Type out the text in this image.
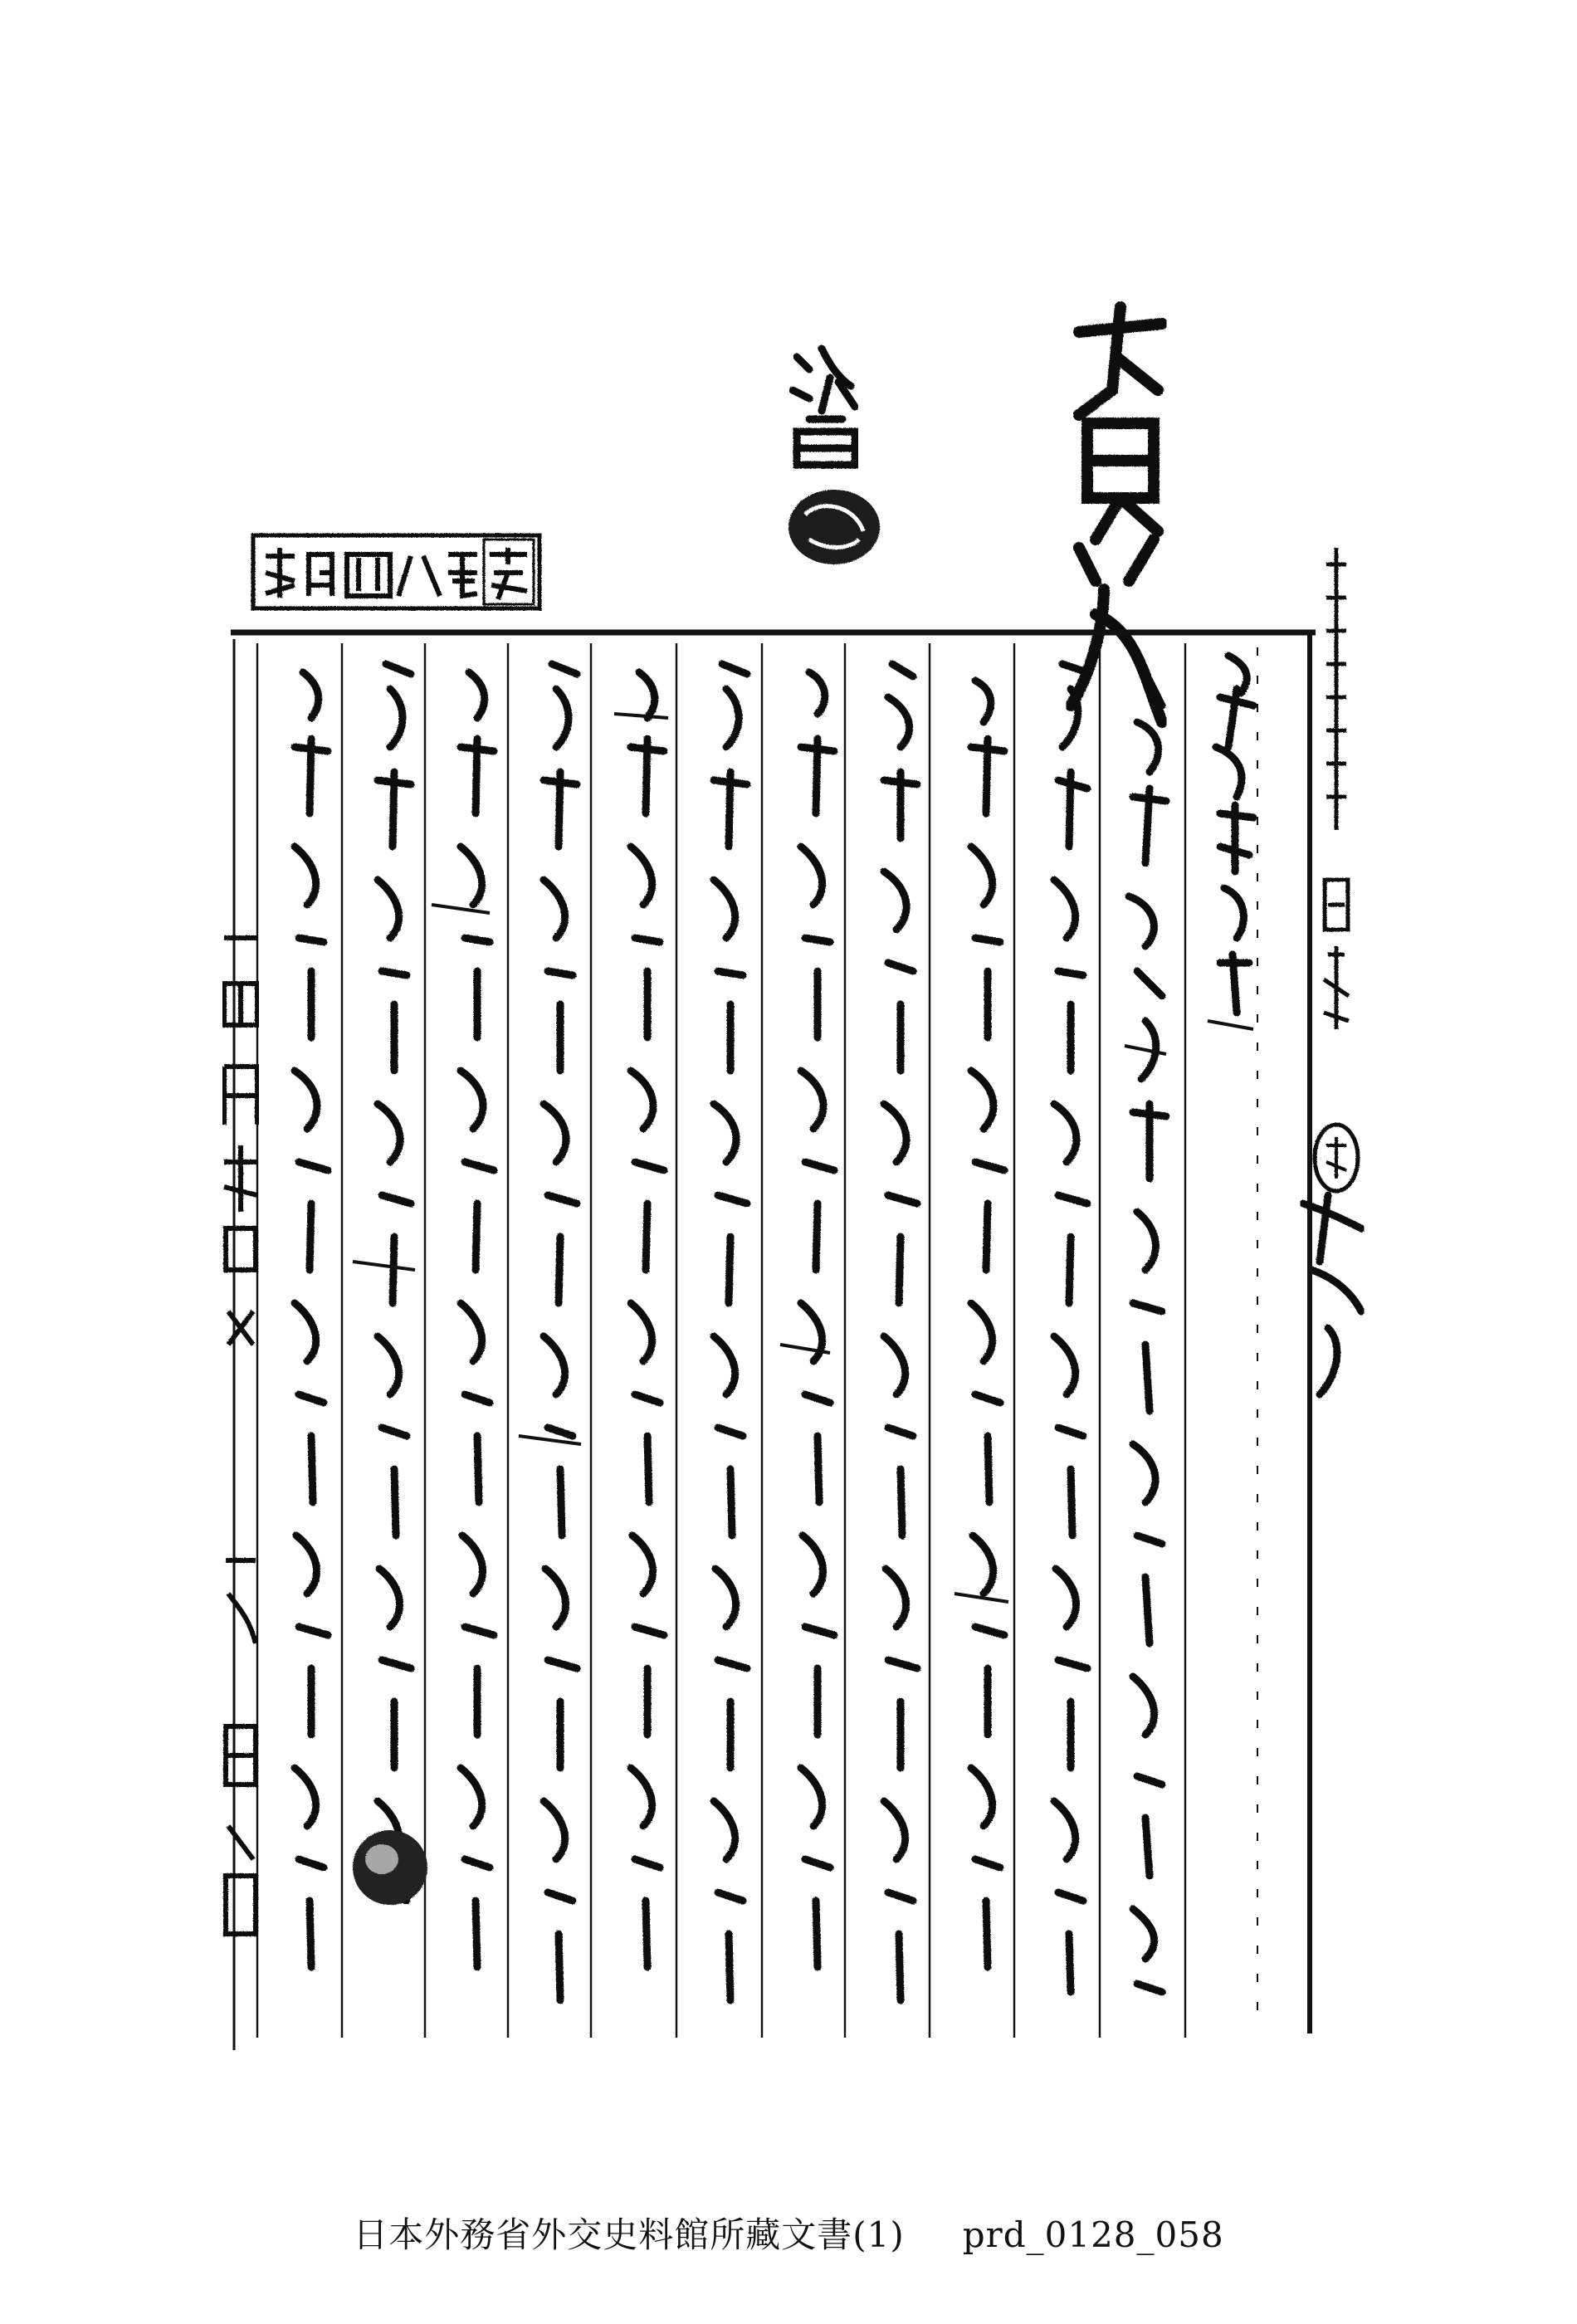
日本外務省外交史料館所藏文書(1) prd_0128_058
